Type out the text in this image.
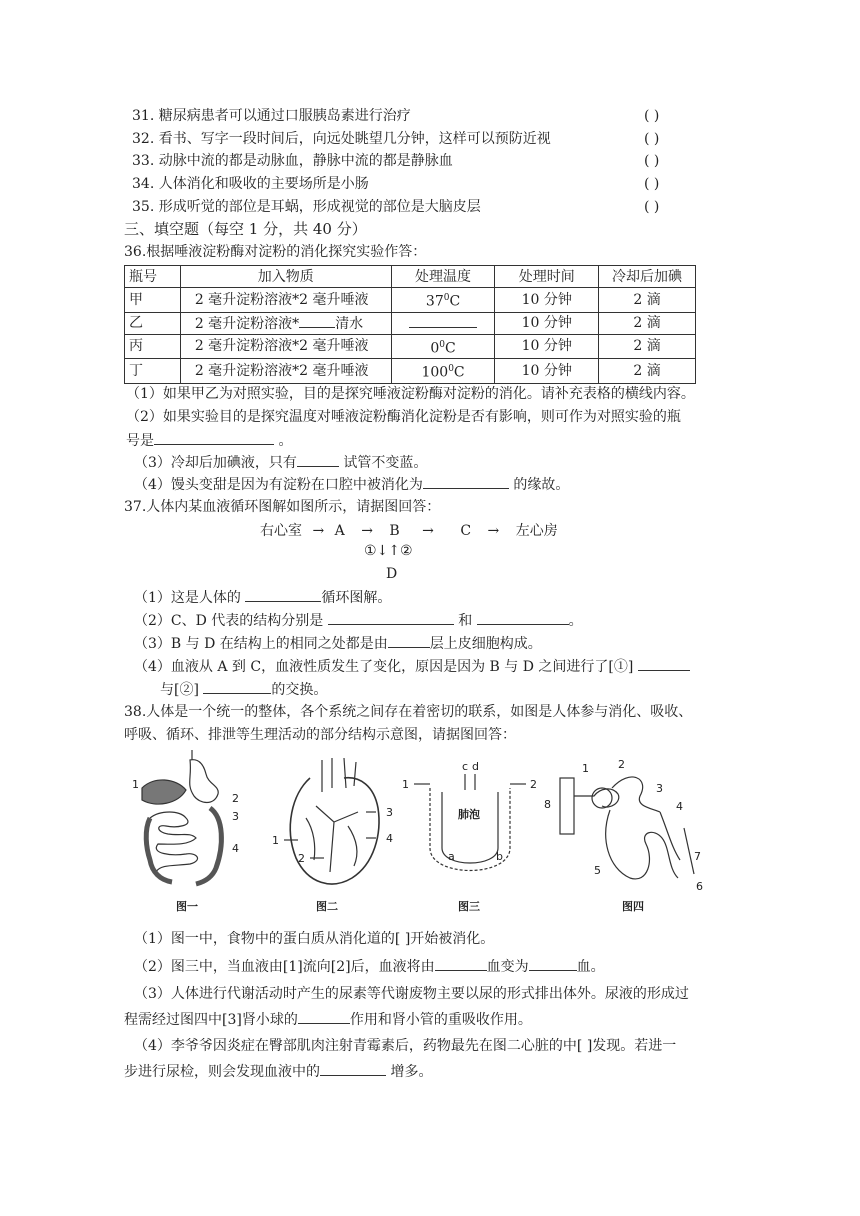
31. 糖尿病患者可以通过口服胰岛素进行治疗	( )
32. 看书、写字一段时间后，向远处眺望几分钟，这样可以预防近视	( )
33. 动脉中流的都是动脉血，静脉中流的都是静脉血	( )
34. 人体消化和吸收的主要场所是小肠	( )
35. 形成听觉的部位是耳蜗，形成视觉的部位是大脑皮层	( )
三、填空题（每空 1 分，共 40 分）
36.根据唾液淀粉酶对淀粉的消化探究实验作答：
瓶号	加入物质	处理温度	处理时间	冷却后加碘
甲	2 毫升淀粉溶液*2 毫升唾液	$37^0C$	10 分钟	2 滴
乙	2 毫升淀粉溶液* 清水		10 分钟	2 滴
丙	2 毫升淀粉溶液*2 毫升唾液	$0^0C$	10 分钟	2 滴
丁	2 毫升淀粉溶液*2 毫升唾液	$100^0C$	10 分钟	2 滴
（1）如果甲乙为对照实验，目的是探究唾液淀粉酶对淀粉的消化。请补充表格的横线内容。
（2）如果实验目的是探究温度对唾液淀粉酶消化淀粉是否有影响，则可作为对照实验的瓶
号是	。
（3）冷却后加碘液，只有	试管不变蓝。
（4）馒头变甜是因为有淀粉在口腔中被消化为	的缘故。
37.人体内某血液循环图解如图所示，请据图回答：
右心室 → A → B → C → 左心房
①↓↑②
D
（1）这是人体的	循环图解。
（2）C、D 代表的结构分别是	和	。
（3）B 与 D 在结构上的相同之处都是由	层上皮细胞构成。
（4）血液从 A 到 C，血液性质发生了变化，原因是因为 B 与 D 之间进行了[①]
与[②]	的交换。
38.人体是一个统一的整体，各个系统之间存在着密切的联系，如图是人体参与消化、吸收、
呼吸、循环、排泄等生理活动的部分结构示意图，请据图回答：
1
2
3
4
图一
1
2
3
4
图二
c d
1	2
肺泡
a	b
图三
1	2
3
4
5
6
7
8
图四
（1）图一中，食物中的蛋白质从消化道的[ ]开始被消化。
（2）图三中，当血液由[1]流向[2]后，血液将由	血变为	血。
（3）人体进行代谢活动时产生的尿素等代谢废物主要以尿的形式排出体外。尿液的形成过
程需经过图四中[3]肾小球的	作用和肾小管的重吸收作用。
（4）李爷爷因炎症在臀部肌肉注射青霉素后，药物最先在图二心脏的中[ ]发现。若进一
步进行尿检，则会发现血液中的	增多。
